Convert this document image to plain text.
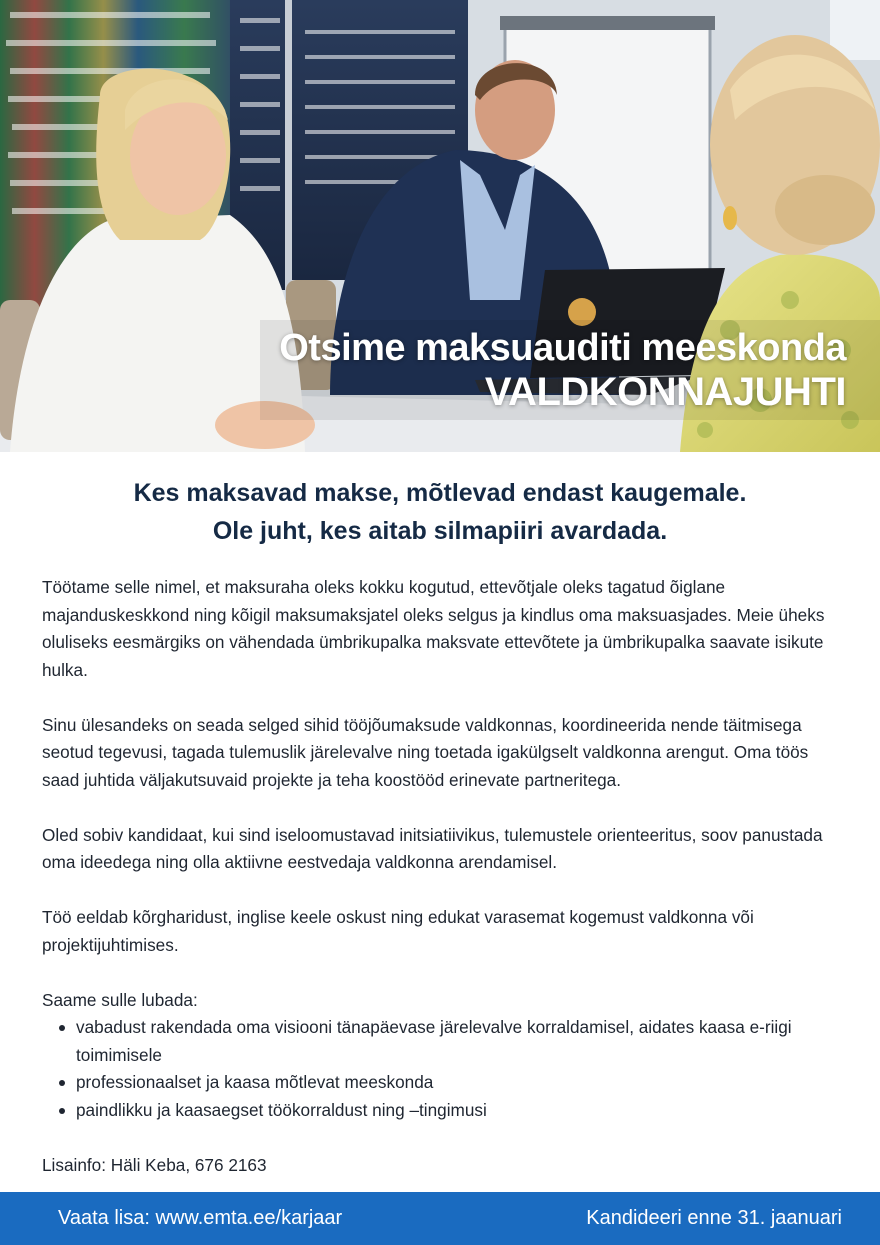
Otsime maksuauditi meeskonda
VALDKONNAJUHTI
Kes maksavad makse, mõtlevad endast kaugemale.
Ole juht, kes aitab silmapiiri avardada.

Töötame selle nimel, et maksuraha oleks kokku kogutud, ettevõtjale oleks tagatud õiglane majanduskeskkond ning kõigil maksumaksjatel oleks selgus ja kindlus oma maksuasjades. Meie üheks oluliseks eesmärgiks on vähendada ümbrikupalka maksvate ettevõtete ja ümbrikupalka saavate isikute hulka.

Sinu ülesandeks on seada selged sihid tööjõumaksude valdkonnas, koordineerida nende täitmisega seotud tegevusi, tagada tulemuslik järelevalve ning toetada igakülgselt valdkonna arengut. Oma töös saad juhtida väljakutsuvaid projekte ja teha koostööd erinevate partneritega.

Oled sobiv kandidaat, kui sind iseloomustavad initsiatiivikus, tulemustele orienteeritus, soov panustada oma ideedega ning olla aktiivne eestvedaja valdkonna arendamisel.

Töö eeldab kõrgharidust, inglise keele oskust ning edukat varasemat kogemust valdkonna või projektijuhtimises.

Saame sulle lubada:
vabadust rakendada oma visiooni tänapäevase järelevalve korraldamisel, aidates kaasa e-riigi toimimisele
professionaalset ja kaasa mõtlevat meeskonda
paindlikku ja kaasaegset töökorraldust ning –tingimusi
Lisainfo: Häli Keba, 676 2163
Vaata lisa: www.emta.ee/karjaar	Kandideeri enne 31. jaanuari
